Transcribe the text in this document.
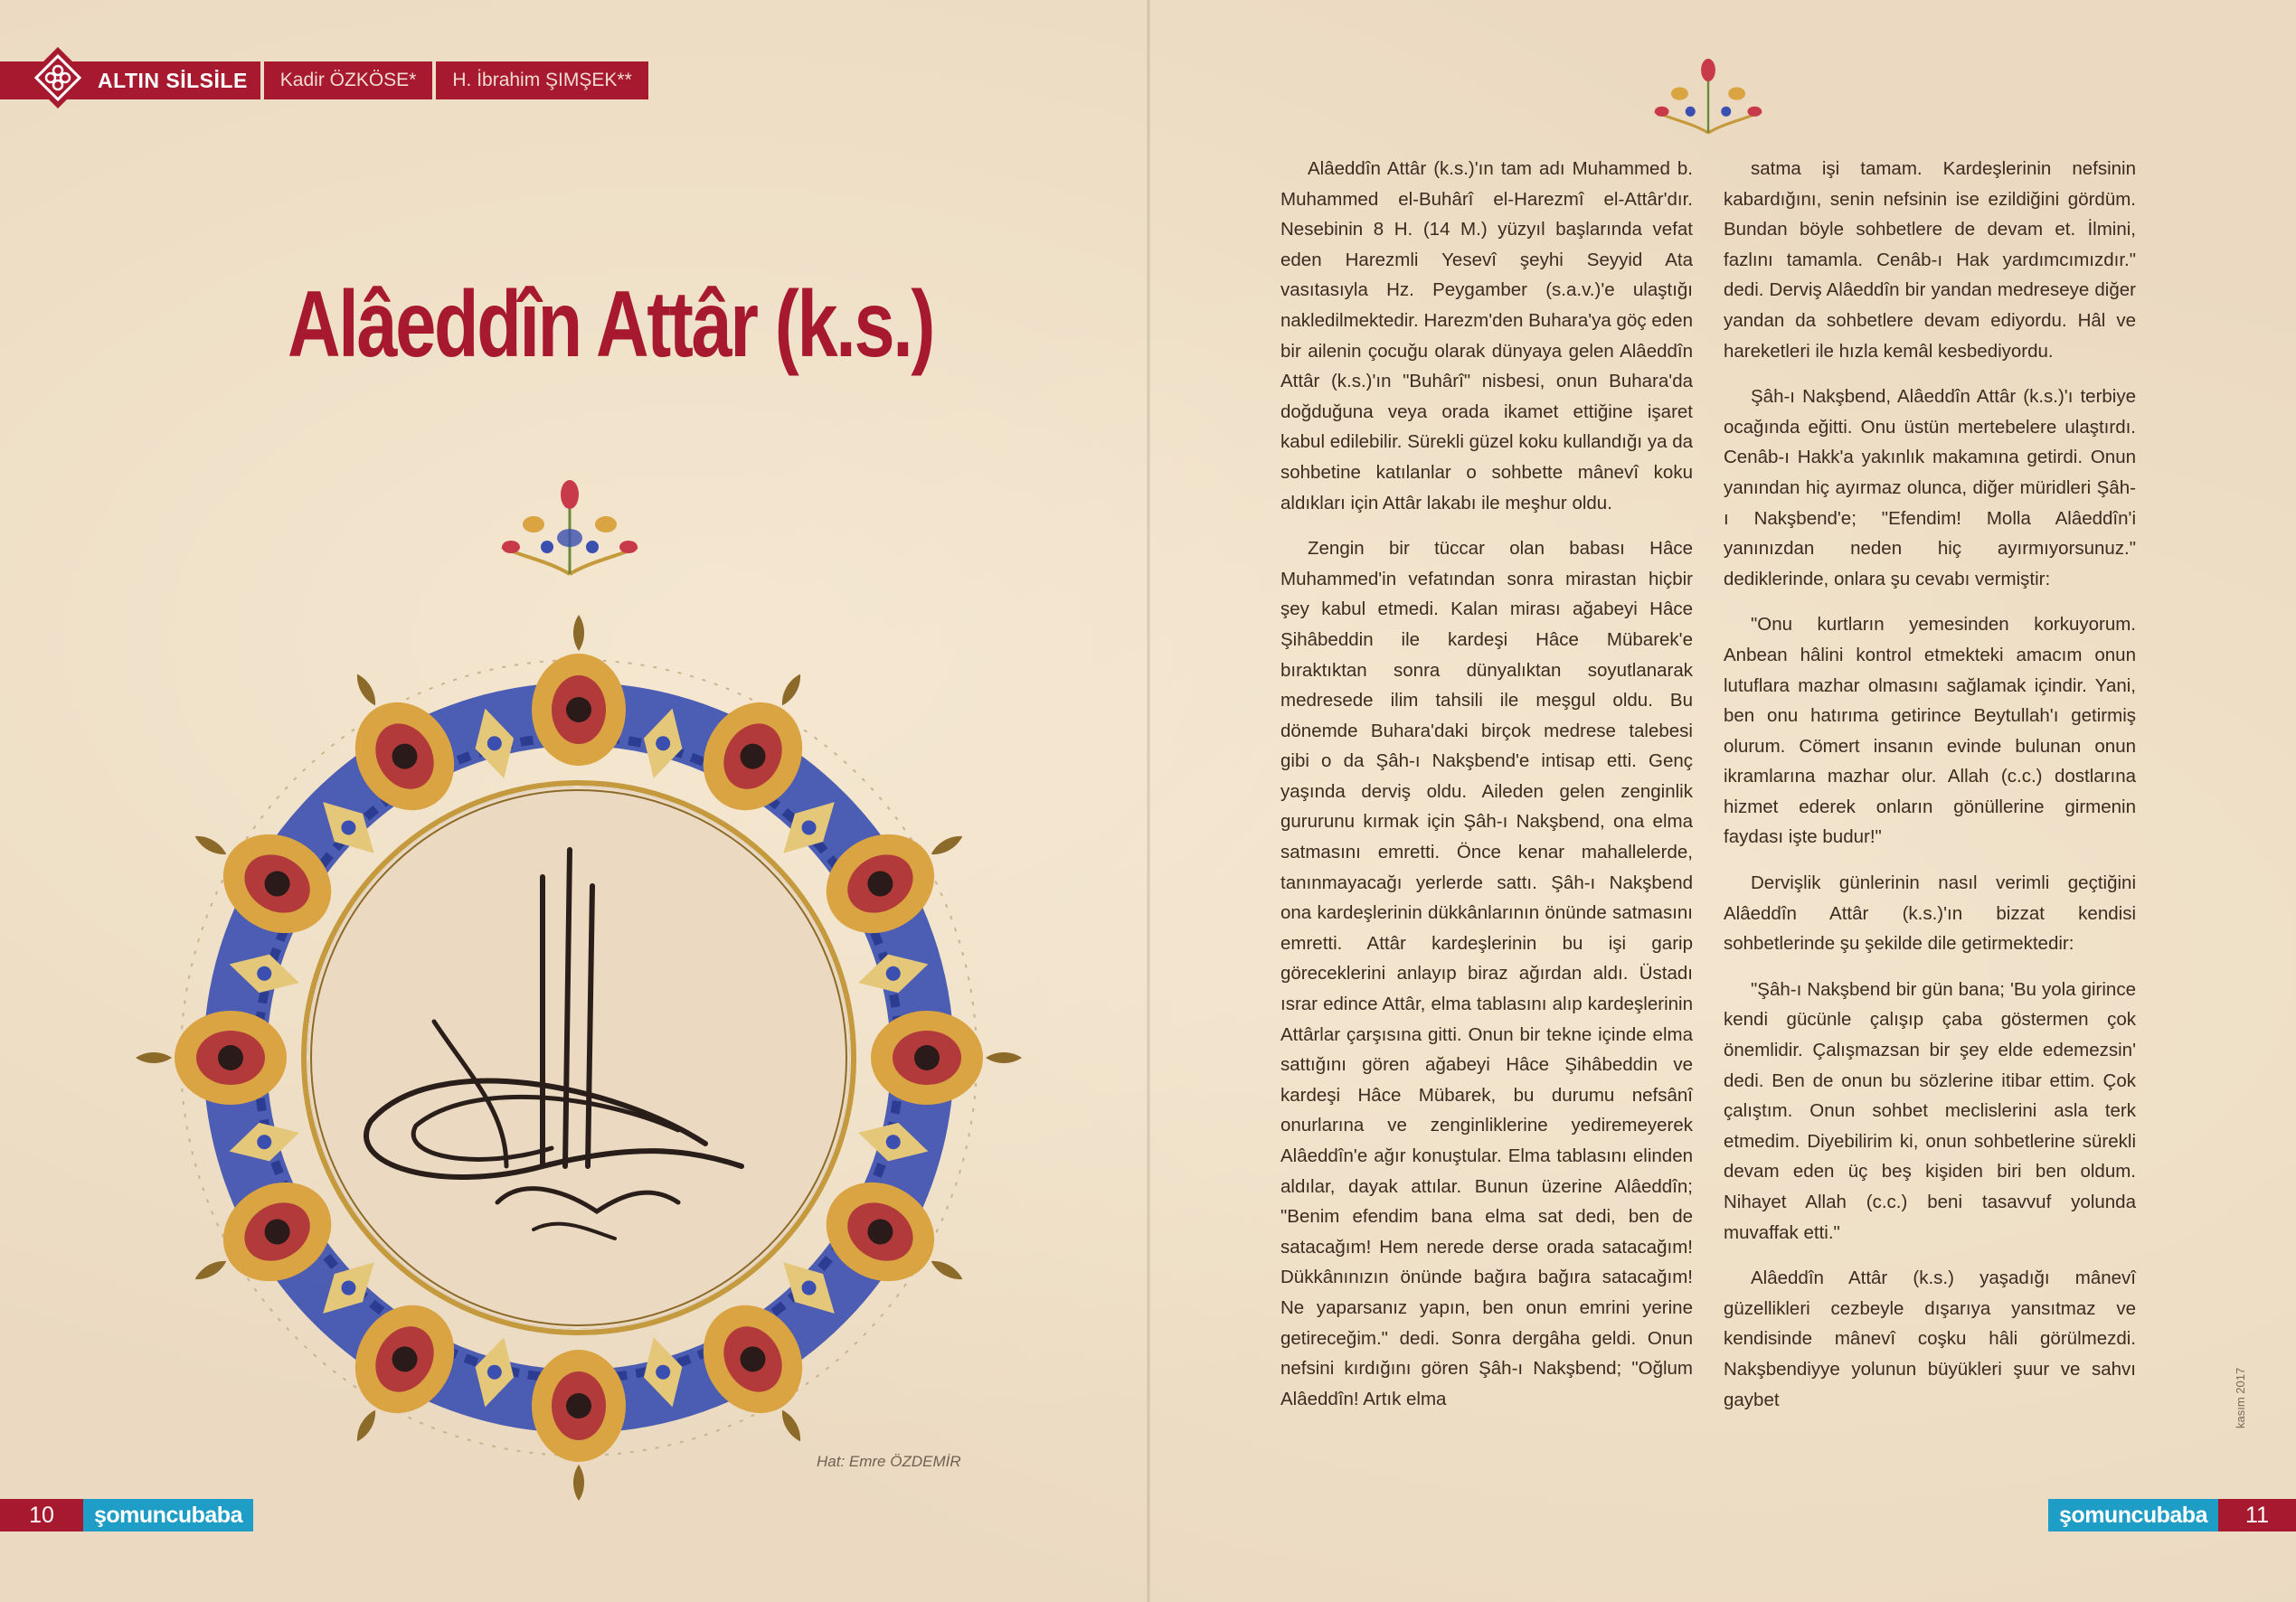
ALTIN SİLSİLE	Kadir ÖZKÖSE*	H. İbrahim ŞIMŞEK**
Alâeddîn Attâr (k.s.)
Hat: Emre ÖZDEMİR

Alâeddîn Attâr (k.s.)'ın tam adı Muhammed b. Muhammed el-Buhârî el-Harezmî el-Attâr'dır. Nesebinin 8 H. (14 M.) yüzyıl başlarında vefat eden Harezmli Yesevî şeyhi Seyyid Ata vasıtasıyla Hz. Peygamber (s.a.v.)'e ulaştığı nakledilmektedir. Harezm'den Buhara'ya göç eden bir ailenin çocuğu olarak dünyaya gelen Alâeddîn Attâr (k.s.)'ın "Buhârî" nisbesi, onun Buhara'da doğduğuna veya orada ikamet ettiğine işaret kabul edilebilir. Sürekli güzel koku kullandığı ya da sohbetine katılanlar o sohbette mânevî koku aldıkları için Attâr lakabı ile meşhur oldu.

Zengin bir tüccar olan babası Hâce Muhammed'in vefatından sonra mirastan hiçbir şey kabul etmedi. Kalan mirası ağabeyi Hâce Şihâbeddin ile kardeşi Hâce Mübarek'e bıraktıktan sonra dünyalıktan soyutlanarak medresede ilim tahsili ile meşgul oldu. Bu dönemde Buhara'daki birçok medrese talebesi gibi o da Şâh-ı Nakşbend'e intisap etti. Genç yaşında derviş oldu. Aileden gelen zenginlik gururunu kırmak için Şâh-ı Nakşbend, ona elma satmasını emretti. Önce kenar mahallelerde, tanınmayacağı yerlerde sattı. Şâh-ı Nakşbend ona kardeşlerinin dükkânlarının önünde satmasını emretti. Attâr kardeşlerinin bu işi garip göreceklerini anlayıp biraz ağırdan aldı. Üstadı ısrar edince Attâr, elma tablasını alıp kardeşlerinin Attârlar çarşısına gitti. Onun bir tekne içinde elma sattığını gören ağabeyi Hâce Şihâbeddin ve kardeşi Hâce Mübarek, bu durumu nefsânî onurlarına ve zenginliklerine yediremeyerek Alâeddîn'e ağır konuştular. Elma tablasını elinden aldılar, dayak attılar. Bunun üzerine Alâeddîn; "Benim efendim bana elma sat dedi, ben de satacağım! Hem nerede derse orada satacağım! Dükkânınızın önünde bağıra bağıra satacağım! Ne yaparsanız yapın, ben onun emrini yerine getireceğim." dedi. Sonra dergâha geldi. Onun nefsini kırdığını gören Şâh-ı Nakşbend; "Oğlum Alâeddîn! Artık elma

satma işi tamam. Kardeşlerinin nefsinin kabardığını, senin nefsinin ise ezildiğini gördüm. Bundan böyle sohbetlere de devam et. İlmini, fazlını tamamla. Cenâb-ı Hak yardımcımızdır." dedi. Derviş Alâeddîn bir yandan medreseye diğer yandan da sohbetlere devam ediyordu. Hâl ve hareketleri ile hızla kemâl kesbediyordu.

Şâh-ı Nakşbend, Alâeddîn Attâr (k.s.)'ı terbiye ocağında eğitti. Onu üstün mertebelere ulaştırdı. Cenâb-ı Hakk'a yakınlık makamına getirdi. Onun yanından hiç ayırmaz olunca, diğer müridleri Şâh-ı Nakşbend'e; "Efendim! Molla Alâeddîn'i yanınızdan neden hiç ayırmıyorsunuz." dediklerinde, onlara şu cevabı vermiştir:

"Onu kurtların yemesinden korkuyorum. Anbean hâlini kontrol etmekteki amacım onun lutuflara mazhar olmasını sağlamak içindir. Yani, ben onu hatırıma getirince Beytullah'ı getirmiş olurum. Cömert insanın evinde bulunan onun ikramlarına mazhar olur. Allah (c.c.) dostlarına hizmet ederek onların gönüllerine girmenin faydası işte budur!"

Dervişlik günlerinin nasıl verimli geçtiğini Alâeddîn Attâr (k.s.)'ın bizzat kendisi sohbetlerinde şu şekilde dile getirmektedir:

"Şâh-ı Nakşbend bir gün bana; 'Bu yola girince kendi gücünle çalışıp çaba göstermen çok önemlidir. Çalışmazsan bir şey elde edemezsin' dedi. Ben de onun bu sözlerine itibar ettim. Çok çalıştım. Onun sohbet meclislerini asla terk etmedim. Diyebilirim ki, onun sohbetlerine sürekli devam eden üç beş kişiden biri ben oldum. Nihayet Allah (c.c.) beni tasavvuf yolunda muvaffak etti."

Alâeddîn Attâr (k.s.) yaşadığı mânevî güzellikleri cezbeyle dışarıya yansıtmaz ve kendisinde mânevî coşku hâli görülmezdi. Nakşbendiyye yolunun büyükleri şuur ve sahvı gaybet

10	şomuncubaba	şomuncubaba	11
kasım 2017
